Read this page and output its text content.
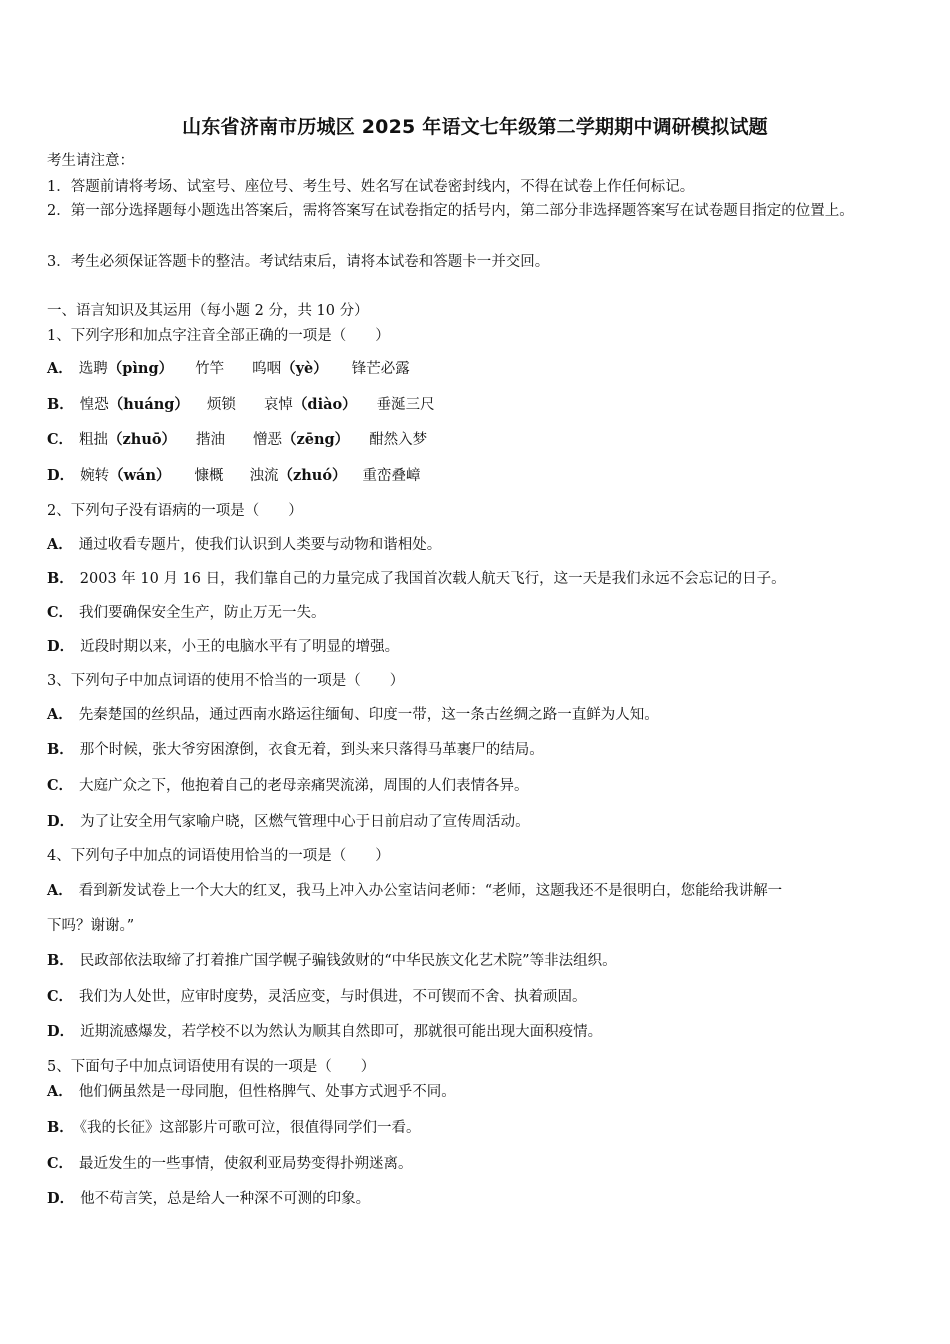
山东省济南市历城区 2025 年语文七年级第二学期期中调研模拟试题
考生请注意：
1．答题前请将考场、试室号、座位号、考生号、姓名写在试卷密封线内，不得在试卷上作任何标记。
2．第一部分选择题每小题选出答案后，需将答案写在试卷指定的括号内，第二部分非选择题答案写在试卷题目指定的位置上。
3．考生必须保证答题卡的整洁。考试结束后，请将本试卷和答题卡一并交回。
一、语言知识及其运用（每小题 2 分，共 10 分）
1、下列字形和加点字注音全部正确的一项是（　　）
A． 选聘（pìng） 竹竿 呜咽（yè） 锋芒必露
B． 惶恐（huáng） 烦锁 哀悼（diào） 垂涎三尺
C． 粗拙（zhuō） 揩油 憎恶（zēng） 酣然入梦
D． 婉转（wán） 慷概 浊流（zhuó） 重峦叠嶂
2、下列句子没有语病的一项是（　　）
A． 通过收看专题片，使我们认识到人类要与动物和谐相处。
B． 2003 年 10 月 16 日，我们靠自己的力量完成了我国首次载人航天飞行，这一天是我们永远不会忘记的日子。
C． 我们要确保安全生产，防止万无一失。
D． 近段时期以来，小王的电脑水平有了明显的增强。
3、下列句子中加点词语的使用不恰当的一项是（　　）
A． 先秦楚国的丝织品，通过西南水路运往缅甸、印度一带，这一条古丝绸之路一直鲜为人知。
B． 那个时候，张大爷穷困潦倒，衣食无着，到头来只落得马革裹尸的结局。
C． 大庭广众之下，他抱着自己的老母亲痛哭流涕，周围的人们表情各异。
D． 为了让安全用气家喻户晓，区燃气管理中心于日前启动了宣传周活动。
4、下列句子中加点的词语使用恰当的一项是（　　）
A． 看到新发试卷上一个大大的红叉，我马上冲入办公室诘问老师：“老师，这题我还不是很明白，您能给我讲解一
下吗？谢谢。”
B． 民政部依法取缔了打着推广国学幌子骗钱敛财的“中华民族文化艺术院”等非法组织。
C． 我们为人处世，应审时度势，灵活应变，与时俱进，不可锲而不舍、执着顽固。
D． 近期流感爆发，若学校不以为然认为顺其自然即可，那就很可能出现大面积疫情。
5、下面句子中加点词语使用有误的一项是（　　）
A． 他们俩虽然是一母同胞，但性格脾气、处事方式迥乎不同。
B． 《我的长征》这部影片可歌可泣，很值得同学们一看。
C． 最近发生的一些事情，使叙利亚局势变得扑朔迷离。
D． 他不苟言笑，总是给人一种深不可测的印象。
